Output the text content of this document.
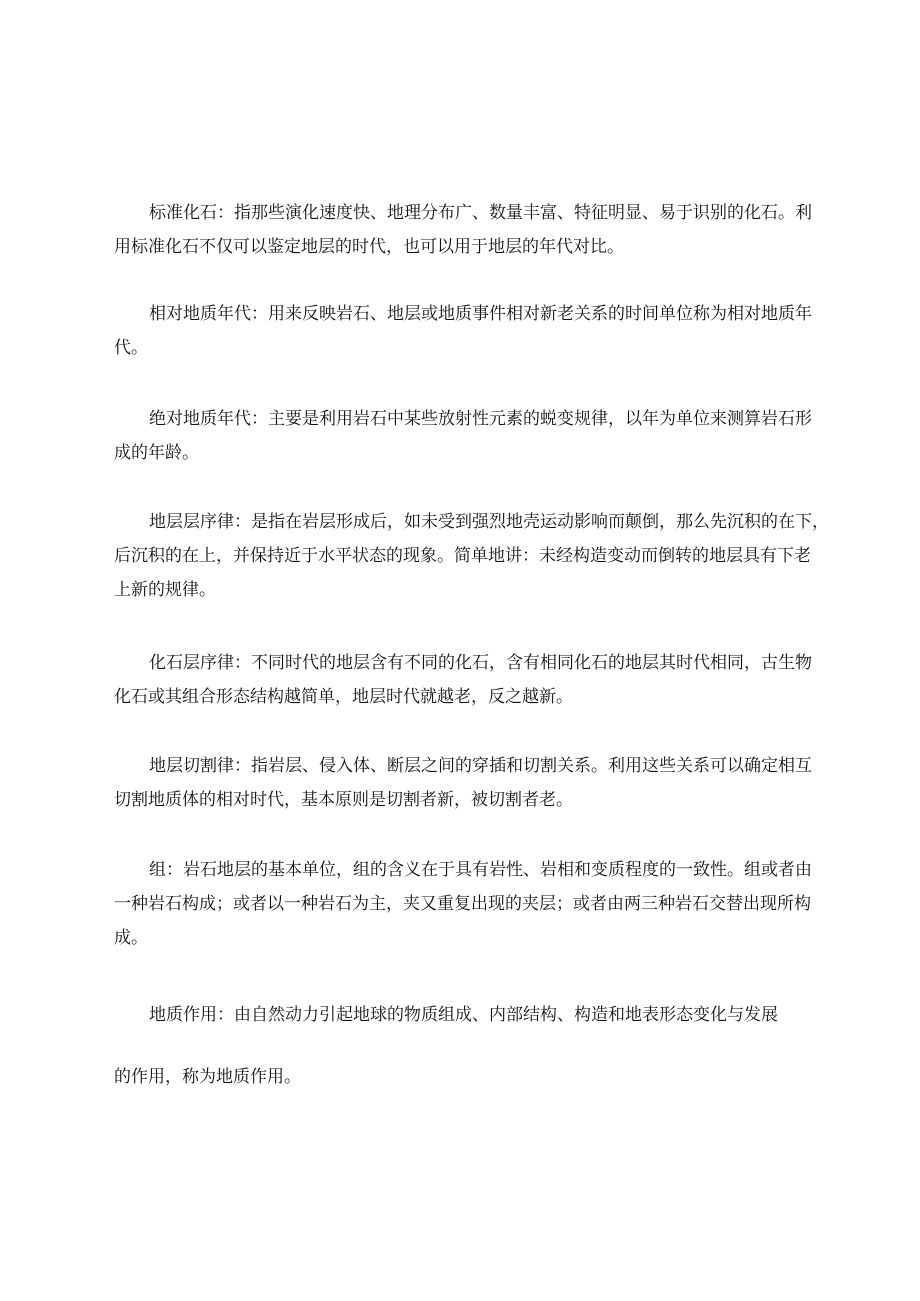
标准化石：指那些演化速度快、地理分布广、数量丰富、特征明显、易于识别的化石。利
用标准化石不仅可以鉴定地层的时代，也可以用于地层的年代对比。
相对地质年代：用来反映岩石、地层或地质事件相对新老关系的时间单位称为相对地质年
代。
绝对地质年代：主要是利用岩石中某些放射性元素的蜕变规律，以年为单位来测算岩石形
成的年龄。
地层层序律：是指在岩层形成后，如未受到强烈地壳运动影响而颠倒，那么先沉积的在下，
后沉积的在上，并保持近于水平状态的现象。简单地讲：未经构造变动而倒转的地层具有下老
上新的规律。
化石层序律：不同时代的地层含有不同的化石，含有相同化石的地层其时代相同，古生物
化石或其组合形态结构越简单，地层时代就越老，反之越新。
地层切割律：指岩层、侵入体、断层之间的穿插和切割关系。利用这些关系可以确定相互
切割地质体的相对时代，基本原则是切割者新，被切割者老。
组：岩石地层的基本单位，组的含义在于具有岩性、岩相和变质程度的一致性。组或者由
一种岩石构成；或者以一种岩石为主，夹又重复出现的夹层；或者由两三种岩石交替出现所构
成。
地质作用：由自然动力引起地球的物质组成、内部结构、构造和地表形态变化与发展
的作用，称为地质作用。
